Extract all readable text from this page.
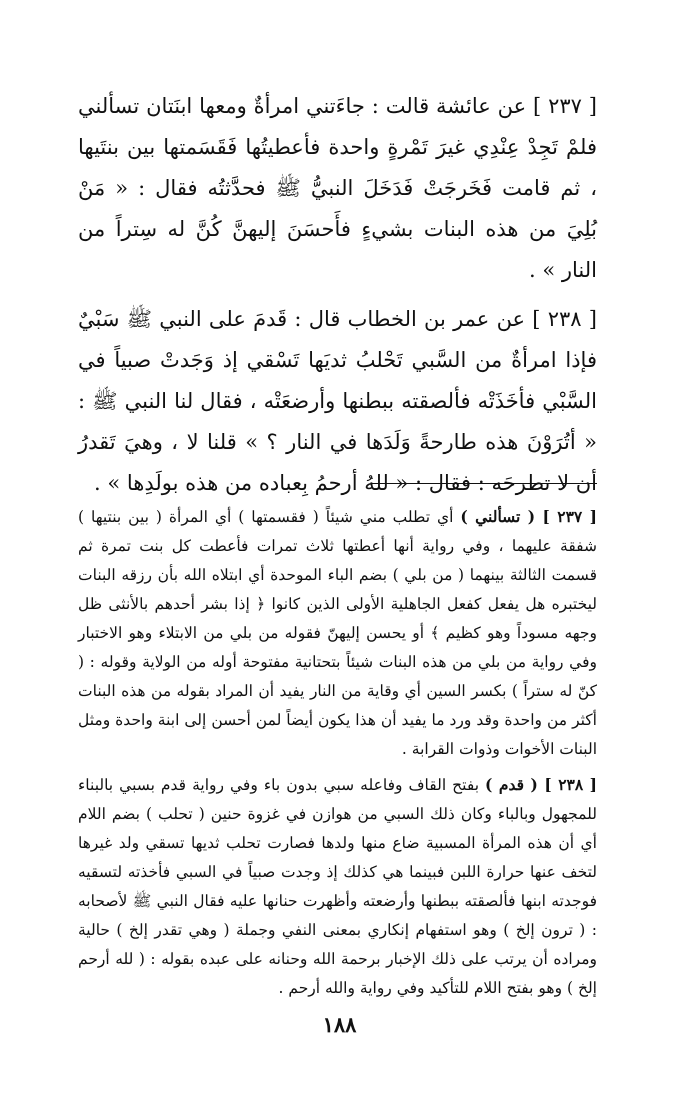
[ ٢٣٧ ] عن عائشة قالت : جاءَتني امرأةٌ ومعها ابنَتان تسألني فلمْ تَجِدْ عِنْدِي غيرَ تَمْرةٍ واحدة فأعطيتُها فَقَسَمتها بين بنتَيها ، ثم قامت فَخَرجَتْ فَدَخَلَ النبيُّ ﷺ فحدَّثتُه فقال : « مَنْ بُلِيَ من هذه البنات بشيءٍ فأَحسَنَ إليهنَّ كُنَّ له سِتراً من النار » .

[ ٢٣٨ ] عن عمر بن الخطاب قال : قَدمَ على النبي ﷺ سَبْيٌ فإذا امرأةٌ من السَّبي تَحْلبُ ثديَها تَسْقي إذ وَجَدتْ صبياً في السَّبْي فأخَذَتْه فألصقته ببطنها وأرضعَتْه ، فقال لنا النبي ﷺ : « أتُرَوْنَ هذه طارحةً وَلَدَها في النار ؟ » قلنا لا ، وهيَ تَقدرُ أن لا تطرحَه : فقال : « للهُ أرحمُ بِعباده من هذه بولَدِها » .

[ ٢٣٧ ] ( تسألني ) أي تطلب مني شيئاً ( فقسمتها ) أي المرأة ( بين بنتيها ) شفقة عليهما ، وفي رواية أنها أعطتها ثلاث تمرات فأعطت كل بنت تمرة ثم قسمت الثالثة بينهما ( من بلي ) بضم الباء الموحدة أي ابتلاه الله بأن رزقه البنات ليختبره هل يفعل كفعل الجاهلية الأولى الذين كانوا ﴿ إذا بشر أحدهم بالأنثى ظل وجهه مسوداً وهو كظيم ﴾ أو يحسن إليهنّ فقوله من بلي من الابتلاء وهو الاختبار وفي رواية من بلي من هذه البنات شيئاً بتحتانية مفتوحة أوله من الولاية وقوله : ( كنّ له ستراً ) بكسر السين أي وقاية من النار يفيد أن المراد بقوله من هذه البنات أكثر من واحدة وقد ورد ما يفيد أن هذا يكون أيضاً لمن أحسن إلى ابنة واحدة ومثل البنات الأخوات وذوات القرابة .

[ ٢٣٨ ] ( قدم ) بفتح القاف وفاعله سبي بدون باء وفي رواية قدم بسبي بالبناء للمجهول وبالباء وكان ذلك السبي من هوازن في غزوة حنين ( تحلب ) بضم اللام أي أن هذه المرأة المسبية ضاع منها ولدها فصارت تحلب ثديها تسقي ولد غيرها لتخف عنها حرارة اللبن فبينما هي كذلك إذ وجدت صبياً في السبي فأخذته لتسقيه فوجدته ابنها فألصقته ببطنها وأرضعته وأظهرت حنانها عليه فقال النبي ﷺ لأصحابه : ( ترون إلخ ) وهو استفهام إنكاري بمعنى النفي وجملة ( وهي تقدر إلخ ) حالية ومراده أن يرتب على ذلك الإخبار برحمة الله وحنانه على عبده بقوله : ( لله أرحم إلخ ) وهو بفتح اللام للتأكيد وفي رواية والله أرحم .

١٨٨
